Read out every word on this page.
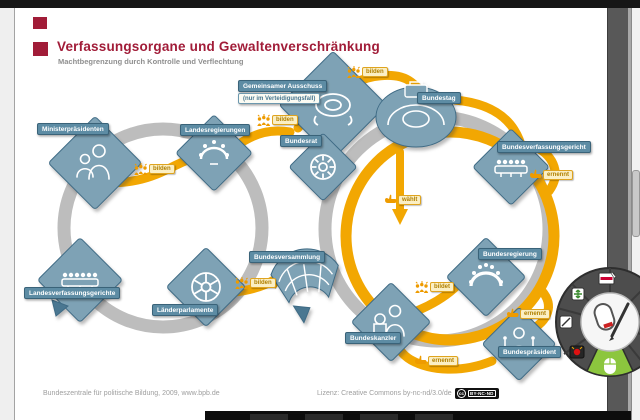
Verfassungsorgane und Gewaltenverschränkung
Machtbegrenzung durch Kontrolle und Verflechtung
Ministerpräsidenten	Landesregierungen
Gemeinsamer Ausschuss
(nur im Verteidigungsfall)
Bundesrat
Bundestag
Bundesverfassungsgericht
Bundesversammlung
Länderparlamente
Landesverfassungsgerichte
Bundesregierung
Bundeskanzler
Bundespräsident
bilden
bilden
bilden
bilden
wählt
bildet
ernennt
ernennt
ernennt
Bundeszentrale für politische Bildung, 2009, www.bpb.de	Lizenz: Creative Commons by-nc-nd/3.0/de	cc	BY-NC-ND
